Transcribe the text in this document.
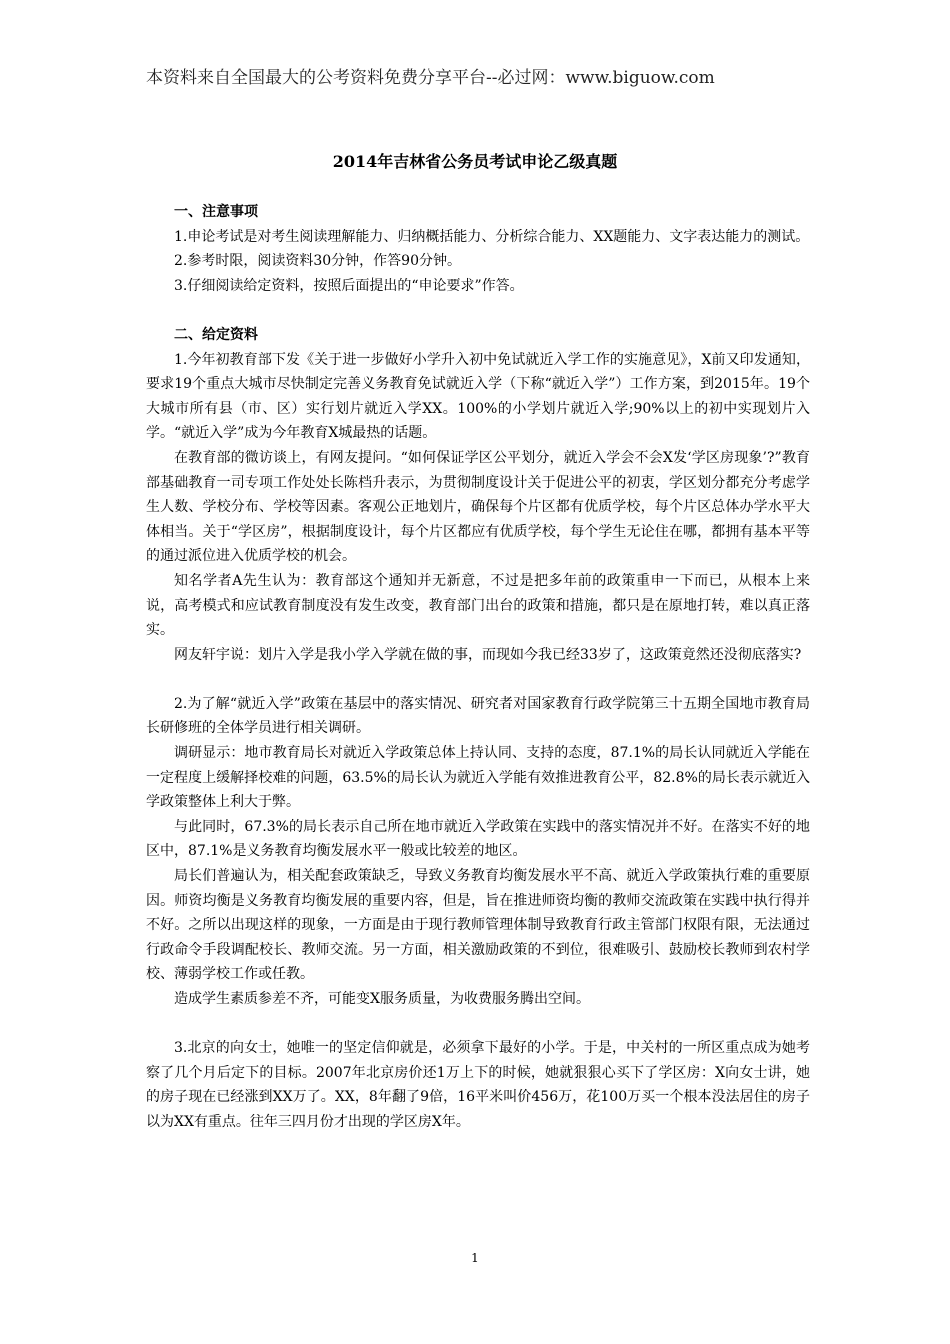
本资料来自全国最大的公考资料免费分享平台--必过网：www.biguow.com
2014年吉林省公务员考试申论乙级真题
一、注意事项

1.申论考试是对考生阅读理解能力、归纳概括能力、分析综合能力、XX题能力、文字表达能力的测试。

2.参考时限，阅读资料30分钟，作答90分钟。

3.仔细阅读给定资料，按照后面提出的“申论要求”作答。

二、给定资料

1.今年初教育部下发《关于进一步做好小学升入初中免试就近入学工作的实施意见》，X前又印发通知，要求19个重点大城市尽快制定完善义务教育免试就近入学（下称“就近入学”）工作方案，到2015年。19个大城市所有县（市、区）实行划片就近入学XX。100%的小学划片就近入学;90%以上的初中实现划片入学。“就近入学”成为今年教育X城最热的话题。

在教育部的微访谈上，有网友提问。“如何保证学区公平划分，就近入学会不会X发‘学区房现象’?”教育部基础教育一司专项工作处处长陈档升表示，为贯彻制度设计关于促进公平的初衷，学区划分都充分考虑学生人数、学校分布、学校等因素。客观公正地划片，确保每个片区都有优质学校，每个片区总体办学水平大体相当。关于“学区房”，根据制度设计，每个片区都应有优质学校，每个学生无论住在哪，都拥有基本平等的通过派位进入优质学校的机会。

知名学者A先生认为：教育部这个通知并无新意，不过是把多年前的政策重申一下而已，从根本上来说，高考模式和应试教育制度没有发生改变，教育部门出台的政策和措施，都只是在原地打转，难以真正落实。

网友轩宇说：划片入学是我小学入学就在做的事，而现如今我已经33岁了，这政策竟然还没彻底落实?

2.为了解“就近入学”政策在基层中的落实情况、研究者对国家教育行政学院第三十五期全国地市教育局长研修班的全体学员进行相关调研。

调研显示：地市教育局长对就近入学政策总体上持认同、支持的态度，87.1%的局长认同就近入学能在一定程度上缓解择校难的问题，63.5%的局长认为就近入学能有效推进教育公平，82.8%的局长表示就近入学政策整体上利大于弊。

与此同时，67.3%的局长表示自己所在地市就近入学政策在实践中的落实情况并不好。在落实不好的地区中，87.1%是义务教育均衡发展水平一般或比较差的地区。

局长们普遍认为，相关配套政策缺乏，导致义务教育均衡发展水平不高、就近入学政策执行难的重要原因。师资均衡是义务教育均衡发展的重要内容，但是，旨在推进师资均衡的教师交流政策在实践中执行得并不好。之所以出现这样的现象，一方面是由于现行教师管理体制导致教育行政主管部门权限有限，无法通过行政命令手段调配校长、教师交流。另一方面，相关激励政策的不到位，很难吸引、鼓励校长教师到农村学校、薄弱学校工作或任教。

造成学生素质参差不齐，可能变X服务质量，为收费服务腾出空间。

3.北京的向女士，她唯一的坚定信仰就是，必须拿下最好的小学。于是，中关村的一所区重点成为她考察了几个月后定下的目标。2007年北京房价还1万上下的时候，她就狠狠心买下了学区房：X向女士讲，她的房子现在已经涨到XX万了。XX，8年翻了9倍，16平米叫价456万，花100万买一个根本没法居住的房子以为XX有重点。往年三四月份才出现的学区房X年。

1
